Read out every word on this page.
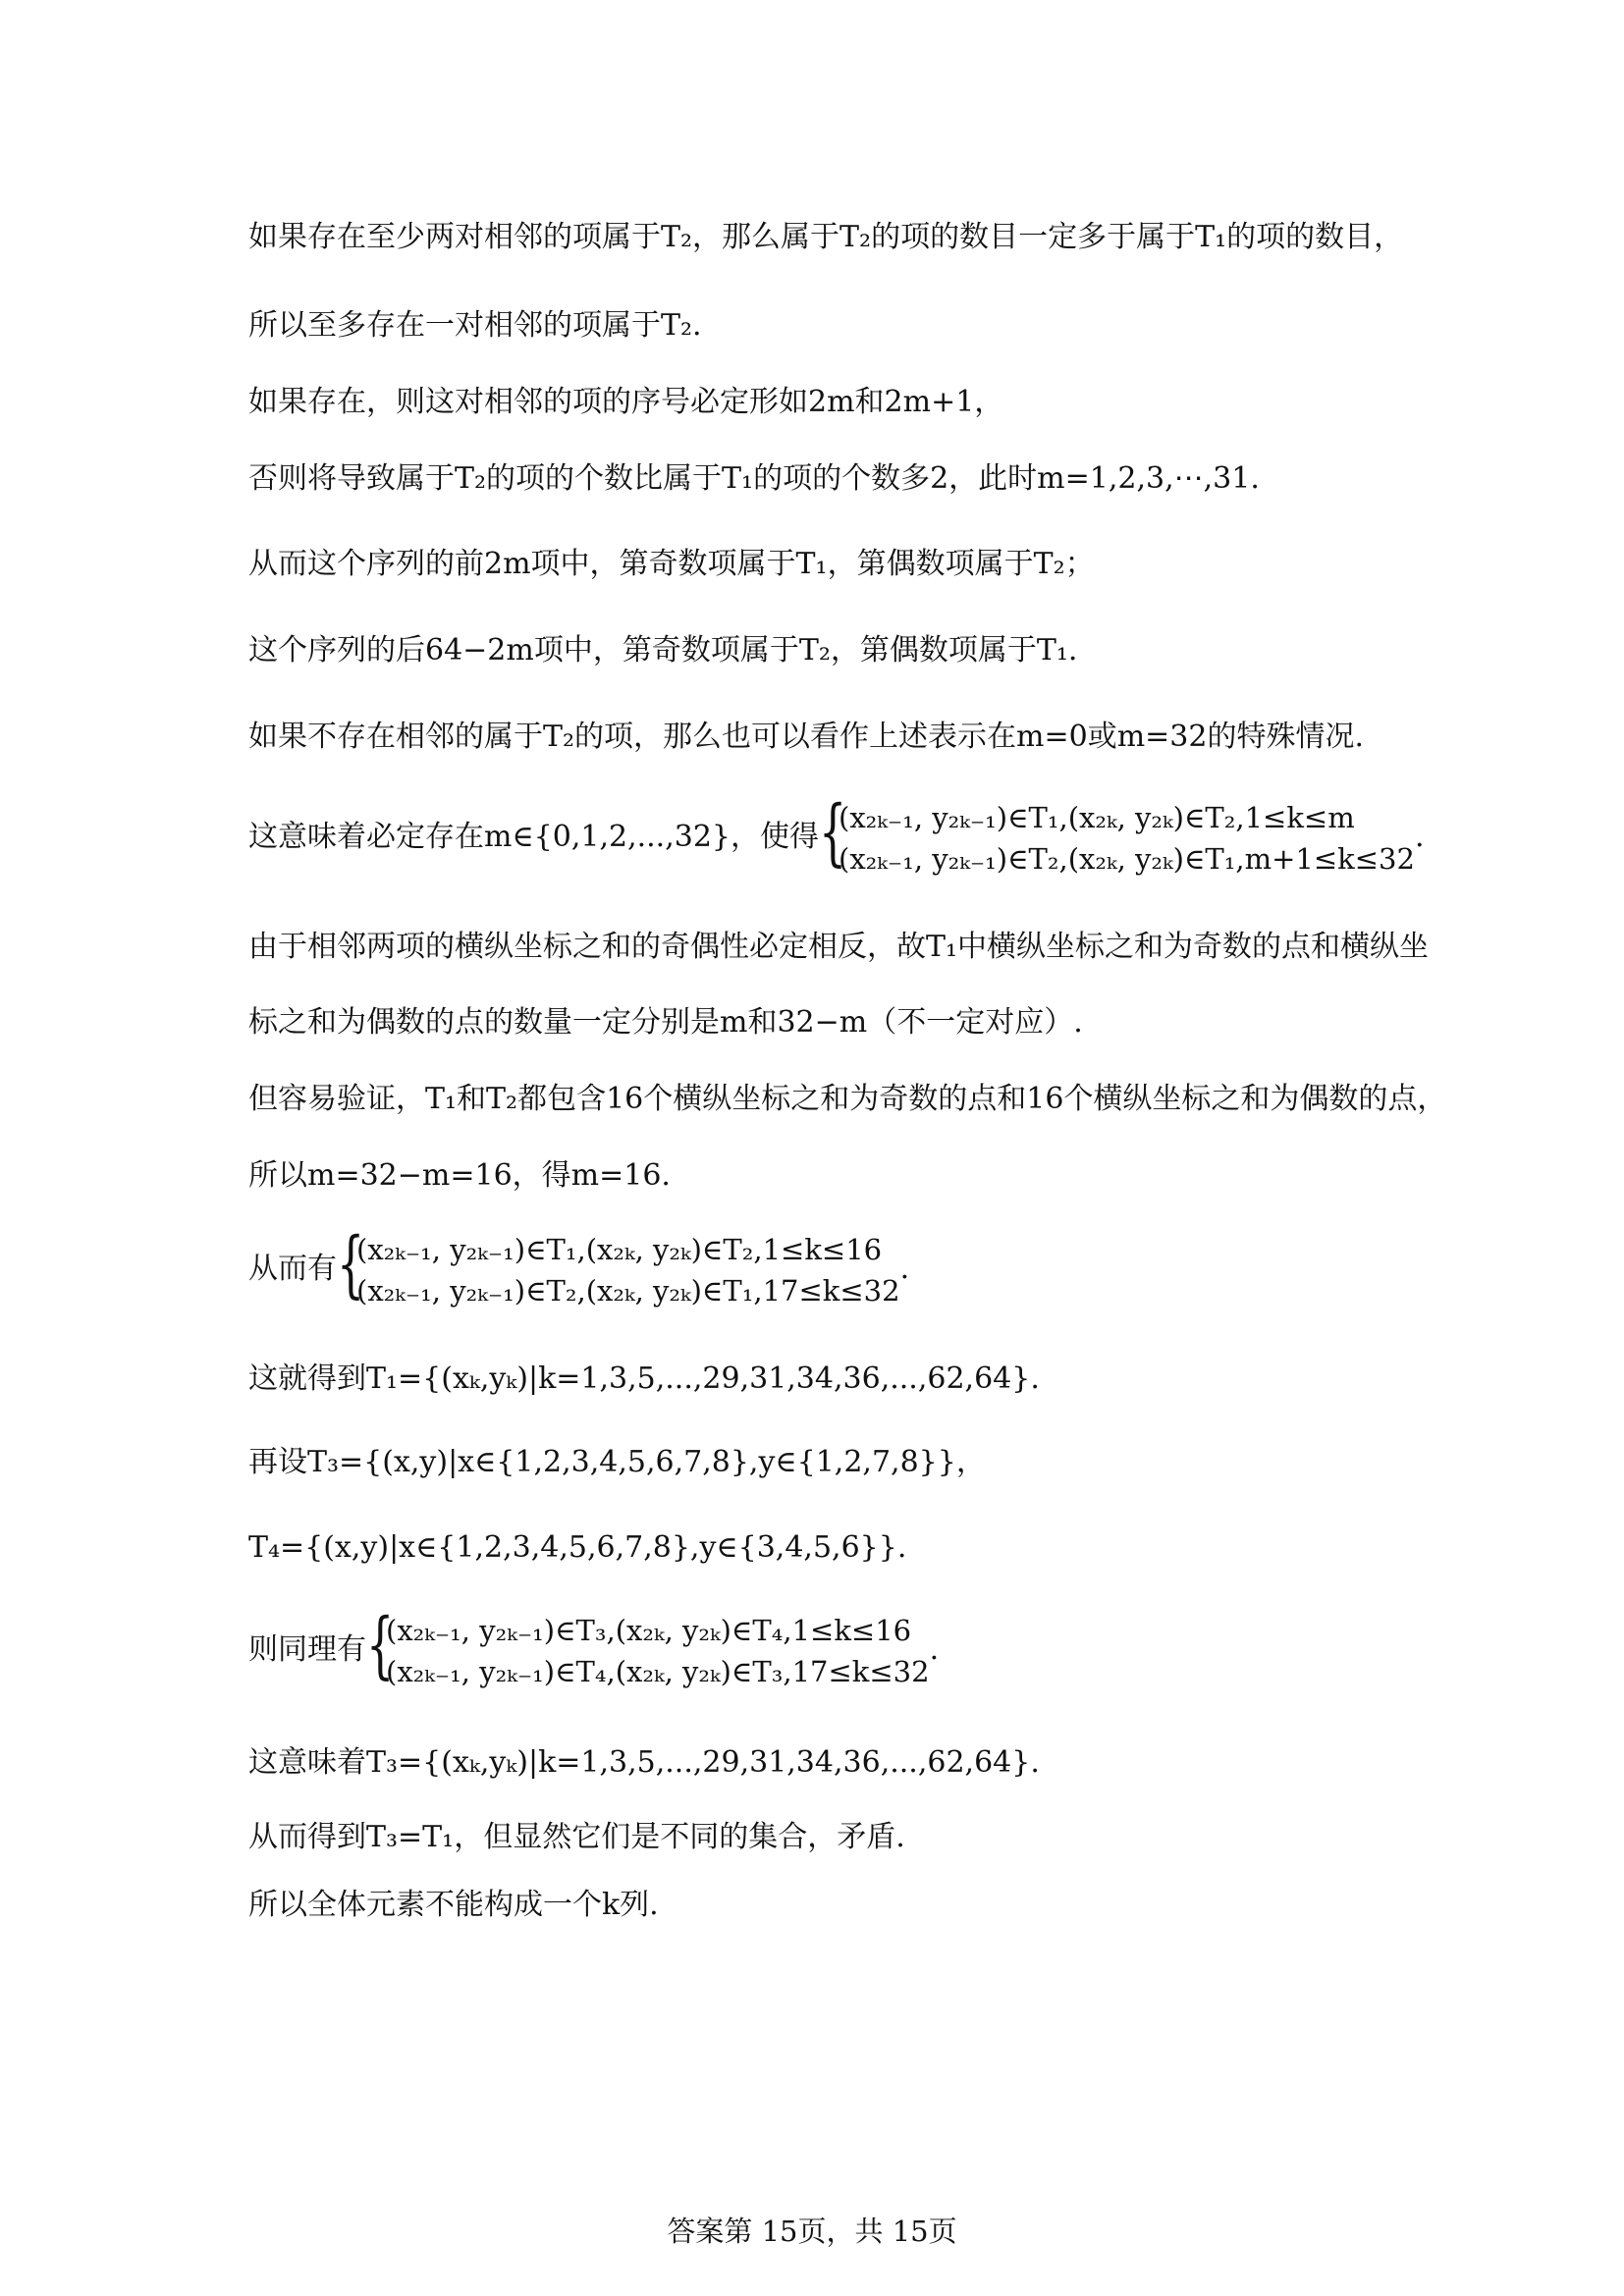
如果存在至少两对相邻的项属于T₂，那么属于T₂的项的数目一定多于属于T₁的项的数目，
所以至多存在一对相邻的项属于T₂.
如果存在，则这对相邻的项的序号必定形如2m和2m+1，
否则将导致属于T₂的项的个数比属于T₁的项的个数多2，此时m=1,2,3,⋯,31.
从而这个序列的前2m项中，第奇数项属于T₁，第偶数项属于T₂；
这个序列的后64−2m项中，第奇数项属于T₂，第偶数项属于T₁.
如果不存在相邻的属于T₂的项，那么也可以看作上述表示在m=0或m=32的特殊情况.
这意味着必定存在m∈{0,1,2,...,32}，使得 {
(x₂ₖ₋₁, y₂ₖ₋₁)∈T₁,(x₂ₖ, y₂ₖ)∈T₂,1≤k≤m
(x₂ₖ₋₁, y₂ₖ₋₁)∈T₂,(x₂ₖ, y₂ₖ)∈T₁,m+1≤k≤32
.
由于相邻两项的横纵坐标之和的奇偶性必定相反，故T₁中横纵坐标之和为奇数的点和横纵坐
标之和为偶数的点的数量一定分别是m和32−m（不一定对应）.
但容易验证，T₁和T₂都包含16个横纵坐标之和为奇数的点和16个横纵坐标之和为偶数的点，
所以m=32−m=16，得m=16.
从而有 {
(x₂ₖ₋₁, y₂ₖ₋₁)∈T₁,(x₂ₖ, y₂ₖ)∈T₂,1≤k≤16
(x₂ₖ₋₁, y₂ₖ₋₁)∈T₂,(x₂ₖ, y₂ₖ)∈T₁,17≤k≤32
.
这就得到T₁={(xₖ,yₖ)|k=1,3,5,...,29,31,34,36,...,62,64}.
再设T₃={(x,y)|x∈{1,2,3,4,5,6,7,8},y∈{1,2,7,8}}，
T₄={(x,y)|x∈{1,2,3,4,5,6,7,8},y∈{3,4,5,6}}.
则同理有 {
(x₂ₖ₋₁, y₂ₖ₋₁)∈T₃,(x₂ₖ, y₂ₖ)∈T₄,1≤k≤16
(x₂ₖ₋₁, y₂ₖ₋₁)∈T₄,(x₂ₖ, y₂ₖ)∈T₃,17≤k≤32
.
这意味着T₃={(xₖ,yₖ)|k=1,3,5,...,29,31,34,36,...,62,64}.
从而得到T₃=T₁，但显然它们是不同的集合，矛盾.
所以全体元素不能构成一个k列.
答案第 15页，共 15页
